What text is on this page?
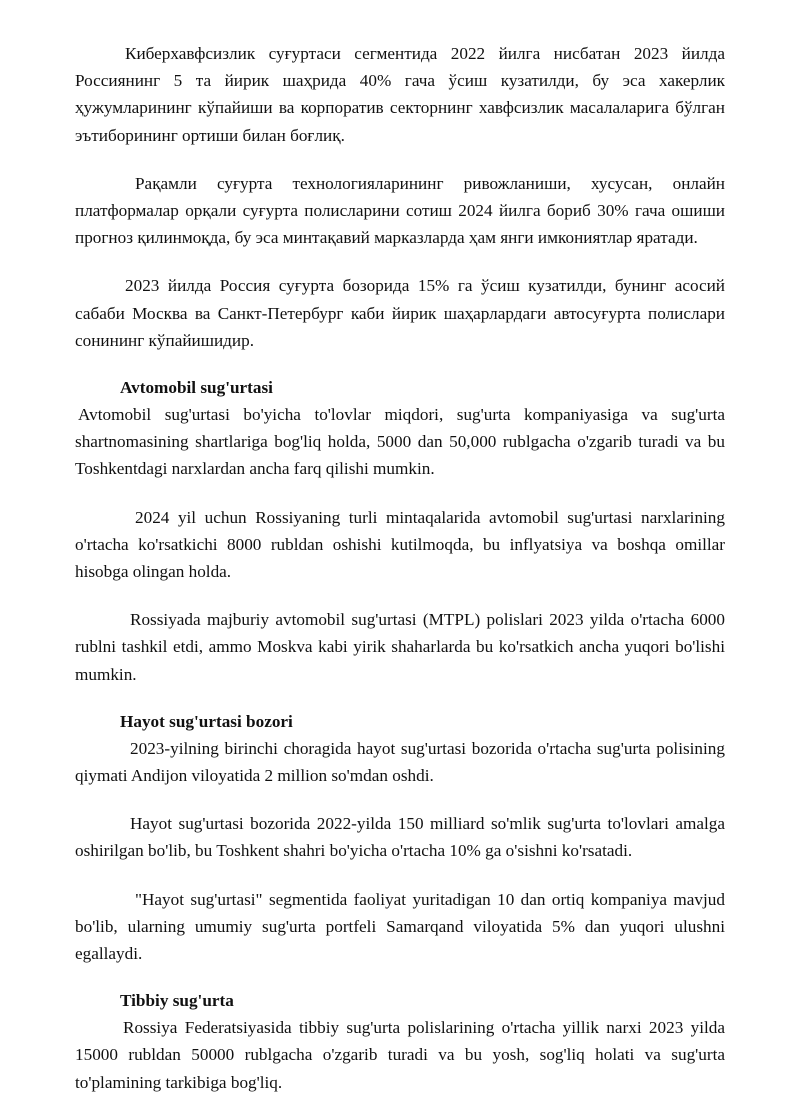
Киберхавфсизлик суғуртаси сегментида 2022 йилга нисбатан 2023 йилда Россиянинг 5 та йирик шаҳрида 40% гача ўсиш кузатилди, бу эса хакерлик ҳужумларининг кўпайиши ва корпоратив секторнинг хавфсизлик масалаларига бўлган эътиборининг ортиши билан боғлиқ.

Рақамли суғурта технологияларининг ривожланиши, хусусан, онлайн платформалар орқали суғурта полисларини сотиш 2024 йилга бориб 30% гача ошиши прогноз қилинмоқда, бу эса минтақавий марказларда ҳам янги имкониятлар яратади.

2023 йилда Россия суғурта бозорида 15% га ўсиш кузатилди, бунинг асосий сабаби Москва ва Санкт-Петербург каби йирик шаҳарлардаги автосуғурта полислари сонининг кўпайишидир.

Avtomobil sug'urtasi

Avtomobil sug'urtasi bo'yicha to'lovlar miqdori, sug'urta kompaniyasiga va sug'urta shartnomasining shartlariga bog'liq holda, 5000 dan 50,000 rublgacha o'zgarib turadi va bu Toshkentdagi narxlardan ancha farq qilishi mumkin.

2024 yil uchun Rossiyaning turli mintaqalarida avtomobil sug'urtasi narxlarining o'rtacha ko'rsatkichi 8000 rubldan oshishi kutilmoqda, bu inflyatsiya va boshqa omillar hisobga olingan holda.

Rossiyada majburiy avtomobil sug'urtasi (MTPL) polislari 2023 yilda o'rtacha 6000 rublni tashkil etdi, ammo Moskva kabi yirik shaharlarda bu ko'rsatkich ancha yuqori bo'lishi mumkin.

Hayot sug'urtasi bozori

2023-yilning birinchi choragida hayot sug'urtasi bozorida o'rtacha sug'urta polisining qiymati Andijon viloyatida 2 million so'mdan oshdi.

Hayot sug'urtasi bozorida 2022-yilda 150 milliard so'mlik sug'urta to'lovlari amalga oshirilgan bo'lib, bu Toshkent shahri bo'yicha o'rtacha 10% ga o'sishni ko'rsatadi.

"Hayot sug'urtasi" segmentida faoliyat yuritadigan 10 dan ortiq kompaniya mavjud bo'lib, ularning umumiy sug'urta portfeli Samarqand viloyatida 5% dan yuqori ulushni egallaydi.

Tibbiy sug'urta

Rossiya Federatsiyasida tibbiy sug'urta polislarining o'rtacha yillik narxi 2023 yilda 15000 rubldan 50000 rublgacha o'zgarib turadi va bu yosh, sog'liq holati va sug'urta to'plamining tarkibiga bog'liq.
